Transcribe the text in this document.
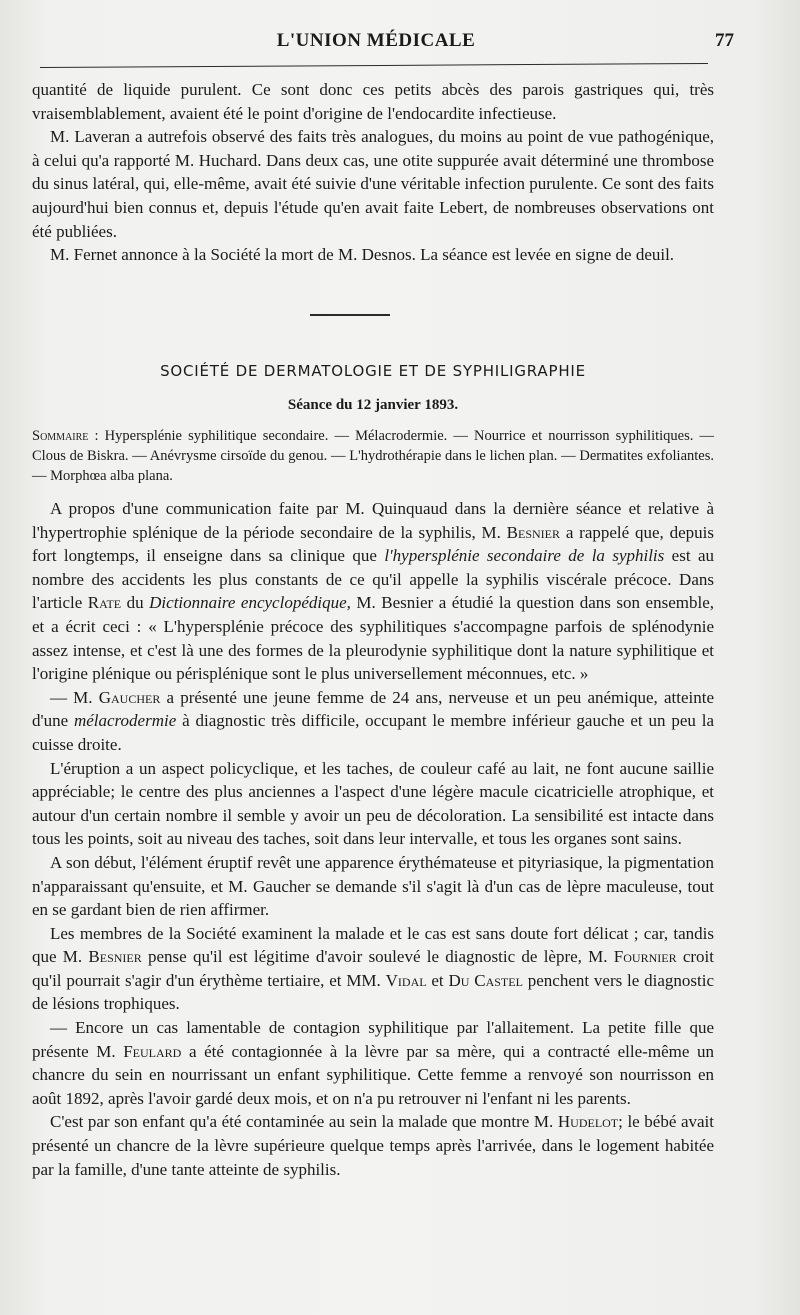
L'UNION MÉDICALE	77

quantité de liquide purulent. Ce sont donc ces petits abcès des parois gastriques qui, très vraisemblablement, avaient été le point d'origine de l'endocardite infectieuse.

M. Laveran a autrefois observé des faits très analogues, du moins au point de vue pathogénique, à celui qu'a rapporté M. Huchard. Dans deux cas, une otite suppurée avait déterminé une thrombose du sinus latéral, qui, elle-même, avait été suivie d'une véritable infection purulente. Ce sont des faits aujourd'hui bien connus et, depuis l'étude qu'en avait faite Lebert, de nombreuses observations ont été publiées.

M. Fernet annonce à la Société la mort de M. Desnos. La séance est levée en signe de deuil.

SOCIÉTÉ DE DERMATOLOGIE ET DE SYPHILIGRAPHIE
Séance du 12 janvier 1893.
Sommaire : Hypersplénie syphilitique secondaire. — Mélacrodermie. — Nourrice et nourrisson syphilitiques. — Clous de Biskra. — Anévrysme cirsoïde du genou. — L'hydrothérapie dans le lichen plan. — Dermatites exfoliantes. — Morphœa alba plana.

A propos d'une communication faite par M. Quinquaud dans la dernière séance et relative à l'hypertrophie splénique de la période secondaire de la syphilis, M. Besnier a rappelé que, depuis fort longtemps, il enseigne dans sa clinique que l'hypersplénie secondaire de la syphilis est au nombre des accidents les plus constants de ce qu'il appelle la syphilis viscérale précoce. Dans l'article Rate du Dictionnaire encyclopédique, M. Besnier a étudié la question dans son ensemble, et a écrit ceci : « L'hypersplénie précoce des syphilitiques s'accompagne parfois de splénodynie assez intense, et c'est là une des formes de la pleurodynie syphilitique dont la nature syphilitique et l'origine plénique ou périsplénique sont le plus universellement méconnues, etc. »

— M. Gaucher a présenté une jeune femme de 24 ans, nerveuse et un peu anémique, atteinte d'une mélacrodermie à diagnostic très difficile, occupant le membre inférieur gauche et un peu la cuisse droite.

L'éruption a un aspect policyclique, et les taches, de couleur café au lait, ne font aucune saillie appréciable; le centre des plus anciennes a l'aspect d'une légère macule cicatricielle atrophique, et autour d'un certain nombre il semble y avoir un peu de décoloration. La sensibilité est intacte dans tous les points, soit au niveau des taches, soit dans leur intervalle, et tous les organes sont sains.

A son début, l'élément éruptif revêt une apparence érythémateuse et pityriasique, la pigmentation n'apparaissant qu'ensuite, et M. Gaucher se demande s'il s'agit là d'un cas de lèpre maculeuse, tout en se gardant bien de rien affirmer.

Les membres de la Société examinent la malade et le cas est sans doute fort délicat ; car, tandis que M. Besnier pense qu'il est légitime d'avoir soulevé le diagnostic de lèpre, M. Fournier croit qu'il pourrait s'agir d'un érythème tertiaire, et MM. Vidal et Du Castel penchent vers le diagnostic de lésions trophiques.

— Encore un cas lamentable de contagion syphilitique par l'allaitement. La petite fille que présente M. Feulard a été contagionnée à la lèvre par sa mère, qui a contracté elle-même un chancre du sein en nourrissant un enfant syphilitique. Cette femme a renvoyé son nourrisson en août 1892, après l'avoir gardé deux mois, et on n'a pu retrouver ni l'enfant ni les parents.

C'est par son enfant qu'a été contaminée au sein la malade que montre M. Hudelot; le bébé avait présenté un chancre de la lèvre supérieure quelque temps après l'arrivée, dans le logement habitée par la famille, d'une tante atteinte de syphilis.
